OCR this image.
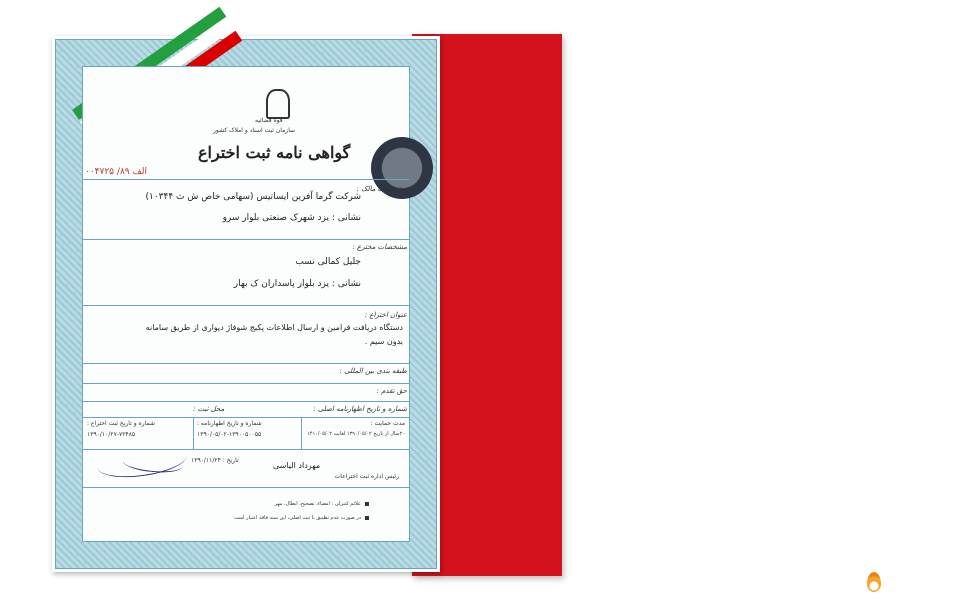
ایساتیس
قوه قضائیه
سازمان ثبت اسناد و املاک کشور
گواهی نامه ثبت اختراع
الف ۸۹/ ۰۰۴۷۲۵
مشخصات مالک :
شرکت گرما آفرین ایساتیس (سهامی خاص ش ث ۱۰۳۴۴)
نشانی : یزد شهرک صنعتی بلوار سرو
مشخصات مخترع :
جلیل کمالی نسب
نشانی : یزد بلوار پاسداران ک بهار
عنوان اختراع :
دستگاه دریافت فرامین و ارسال اطلاعات پکیج شوفاژ دیواری از طریق سامانه
بدون سیم .
طبقه بندی بین المللی :
حق تقدم :
شماره و تاریخ اظهارنامه اصلی :
محل ثبت :
مدت حمایت :
۲۰سال از تاریخ ۱۳۹۰/۰۵/۰۲ لغایت ۱۴۱۰/۰۵/۰۲
شماره و تاریخ اظهارنامه :
۱۳۹۰/۰۵/۰۲-۱۳۹۰۰۵۰۰۵۵
شماره و تاریخ ثبت اختراع :
۱۳۹۰/۱۰/۲۷-۷۲۴۸۵
تاریخ : ۱۳۹۰/۱۱/۲۴
مهرداد الیاسی
رئیس اداره ثبت اختراعات
علائم کنترلی : امضاء، تصحیح، ابطال، مهر
در صورت عدم تطبیق با ثبت اصلی، این سند فاقد اعتبار است
